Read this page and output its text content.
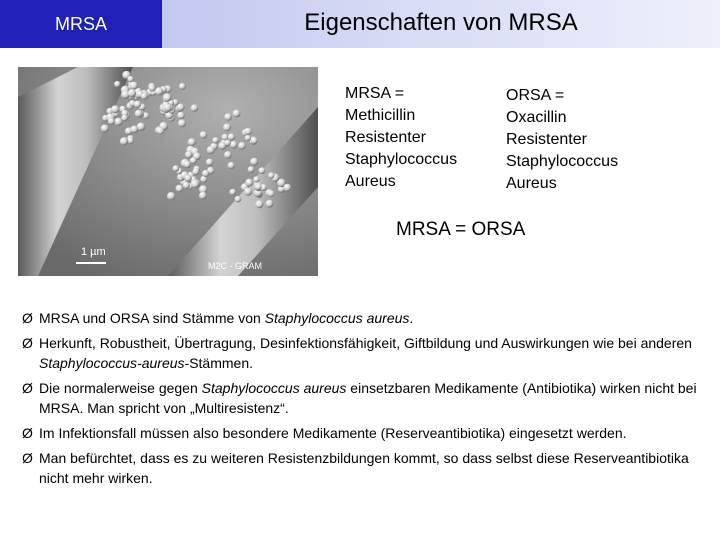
MRSA	Eigenschaften von MRSA
1 µm
M2C - GRAM
MRSA =
Methicillin
Resistenter
Staphylococcus
Aureus
ORSA =
Oxacillin
Resistenter
Staphylococcus
Aureus
MRSA = ORSA
Ø MRSA und ORSA sind Stämme von Staphylococcus aureus.
Ø Herkunft, Robustheit, Übertragung, Desinfektionsfähigkeit, Giftbildung und Auswirkungen wie bei anderen Staphylococcus-aureus-Stämmen.
Ø Die normalerweise gegen Staphylococcus aureus einsetzbaren Medikamente (Antibiotika) wirken nicht bei MRSA. Man spricht von „Multiresistenz“.
Ø Im Infektionsfall müssen also besondere Medikamente (Reserveantibiotika) eingesetzt werden.
Ø Man befürchtet, dass es zu weiteren Resistenzbildungen kommt, so dass selbst diese Reserveantibiotika nicht mehr wirken.
